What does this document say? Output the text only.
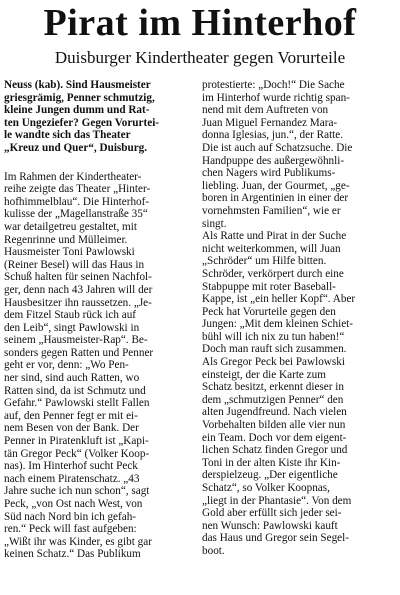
Pirat im Hinterhof
Duisburger Kindertheater gegen Vorurteile
Neuss (kab). Sind Hausmeister
griesgrämig, Penner schmutzig,
kleine Jungen dumm und Rat-
ten Ungeziefer? Gegen Vorurtei-
le wandte sich das Theater
„Kreuz und Quer“, Duisburg.
Im Rahmen der Kindertheater-
reihe zeigte das Theater „Hinter-
hofhimmelblau“. Die Hinterhof-
kulisse der „Magellanstraße 35“
war detailgetreu gestaltet, mit
Regenrinne und Mülleimer.
Hausmeister Toni Pawlowski
(Reiner Besel) will das Haus in
Schuß halten für seinen Nachfol-
ger, denn nach 43 Jahren will der
Hausbesitzer ihn raussetzen. „Je-
dem Fitzel Staub rück ich auf
den Leib“, singt Pawlowski in
seinem „Hausmeister-Rap“. Be-
sonders gegen Ratten und Penner
geht er vor, denn: „Wo Pen-
ner sind, sind auch Ratten, wo
Ratten sind, da ist Schmutz und
Gefahr.“ Pawlowski stellt Fallen
auf, den Penner fegt er mit ei-
nem Besen von der Bank. Der
Penner in Piratenkluft ist „Kapi-
tän Gregor Peck“ (Volker Koop-
nas). Im Hinterhof sucht Peck
nach einem Piratenschatz. „43
Jahre suche ich nun schon“, sagt
Peck, „von Ost nach West, von
Süd nach Nord bin ich gefah-
ren.“ Peck will fast aufgeben:
„Wißt ihr was Kinder, es gibt gar
keinen Schatz.“ Das Publikum
protestierte: „Doch!“ Die Sache
im Hinterhof wurde richtig span-
nend mit dem Auftreten von
Juan Miguel Fernandez Mara-
donna Iglesias, jun.“, der Ratte.
Die ist auch auf Schatzsuche. Die
Handpuppe des außergewöhnli-
chen Nagers wird Publikums-
liebling. Juan, der Gourmet, „ge-
boren in Argentinien in einer der
vornehmsten Familien“, wie er
singt.
Als Ratte und Pirat in der Suche
nicht weiterkommen, will Juan
„Schröder“ um Hilfe bitten.
Schröder, verkörpert durch eine
Stabpuppe mit roter Baseball-
Kappe, ist „ein heller Kopf“. Aber
Peck hat Vorurteile gegen den
Jungen: „Mit dem kleinen Schiet-
bühl will ich nix zu tun haben!“
Doch man rauft sich zusammen.
Als Gregor Peck bei Pawlowski
einsteigt, der die Karte zum
Schatz besitzt, erkennt dieser in
dem „schmutzigen Penner“ den
alten Jugendfreund. Nach vielen
Vorbehalten bilden alle vier nun
ein Team. Doch vor dem eigent-
lichen Schatz finden Gregor und
Toni in der alten Kiste ihr Kin-
derspielzeug. „Der eigentliche
Schatz“, so Volker Koopnas,
„liegt in der Phantasie“. Von dem
Gold aber erfüllt sich jeder sei-
nen Wunsch: Pawlowski kauft
das Haus und Gregor sein Segel-
boot.
